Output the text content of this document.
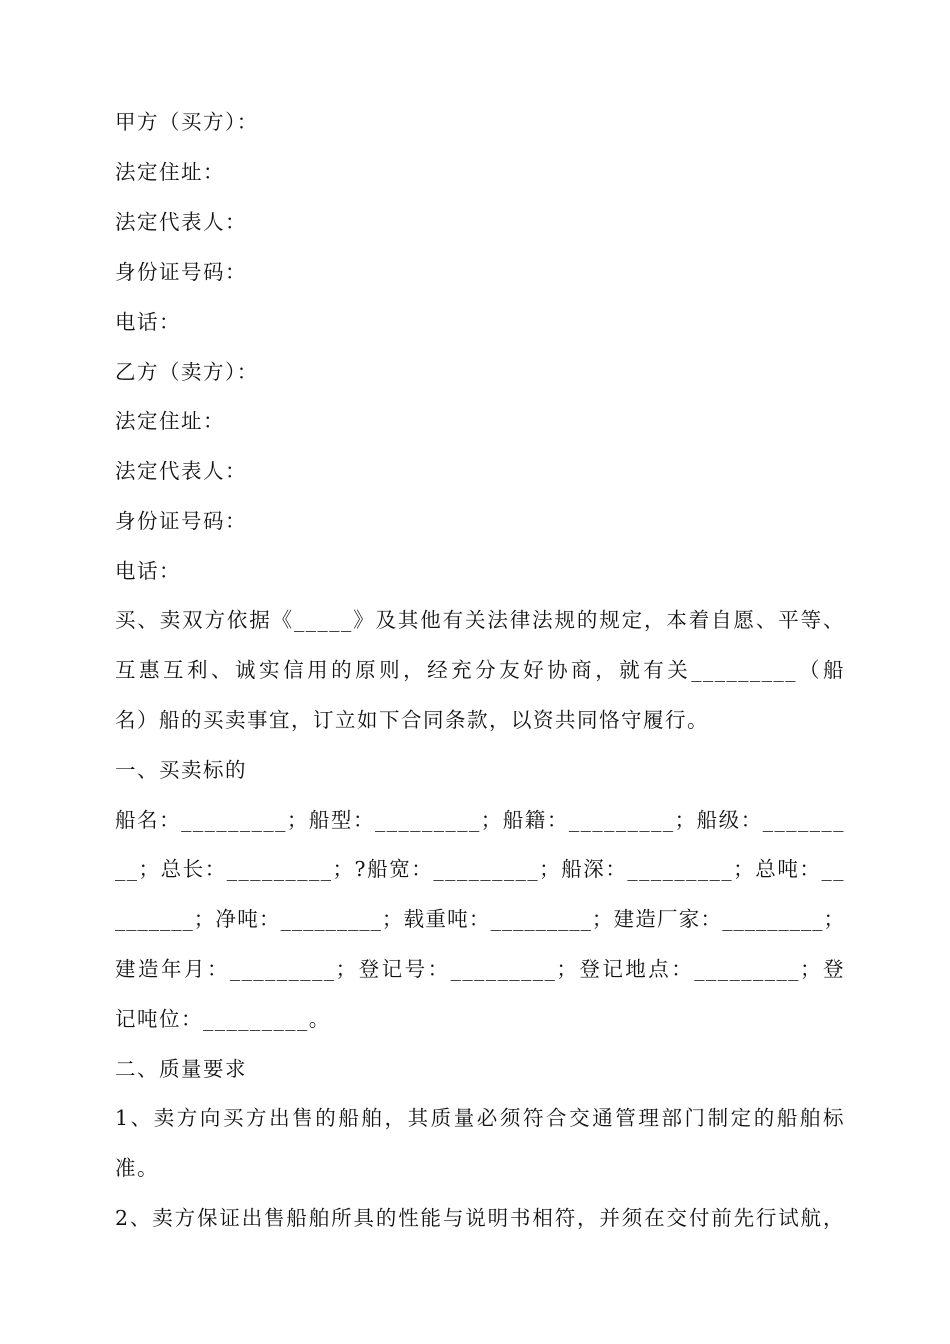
甲方（买方）：
法定住址：
法定代表人：
身份证号码：
电话：
乙方（卖方）：
法定住址：
法定代表人：
身份证号码：
电话：
买、卖双方依据《_____》及其他有关法律法规的规定，本着自愿、平等、
互惠互利、诚实信用的原则，经充分友好协商，就有关_________（船
名）船的买卖事宜，订立如下合同条款，以资共同恪守履行。
一、买卖标的
船名：_________；船型：_________；船籍：_________；船级：_______
__；总长：_________；?船宽：_________；船深：_________；总吨：__
_______；净吨：_________；载重吨：_________；建造厂家：_________；
建造年月：_________；登记号：_________；登记地点：_________；登
记吨位：_________。
二、质量要求
1、卖方向买方出售的船舶，其质量必须符合交通管理部门制定的船舶标
准。
2、卖方保证出售船舶所具的性能与说明书相符，并须在交付前先行试航，
